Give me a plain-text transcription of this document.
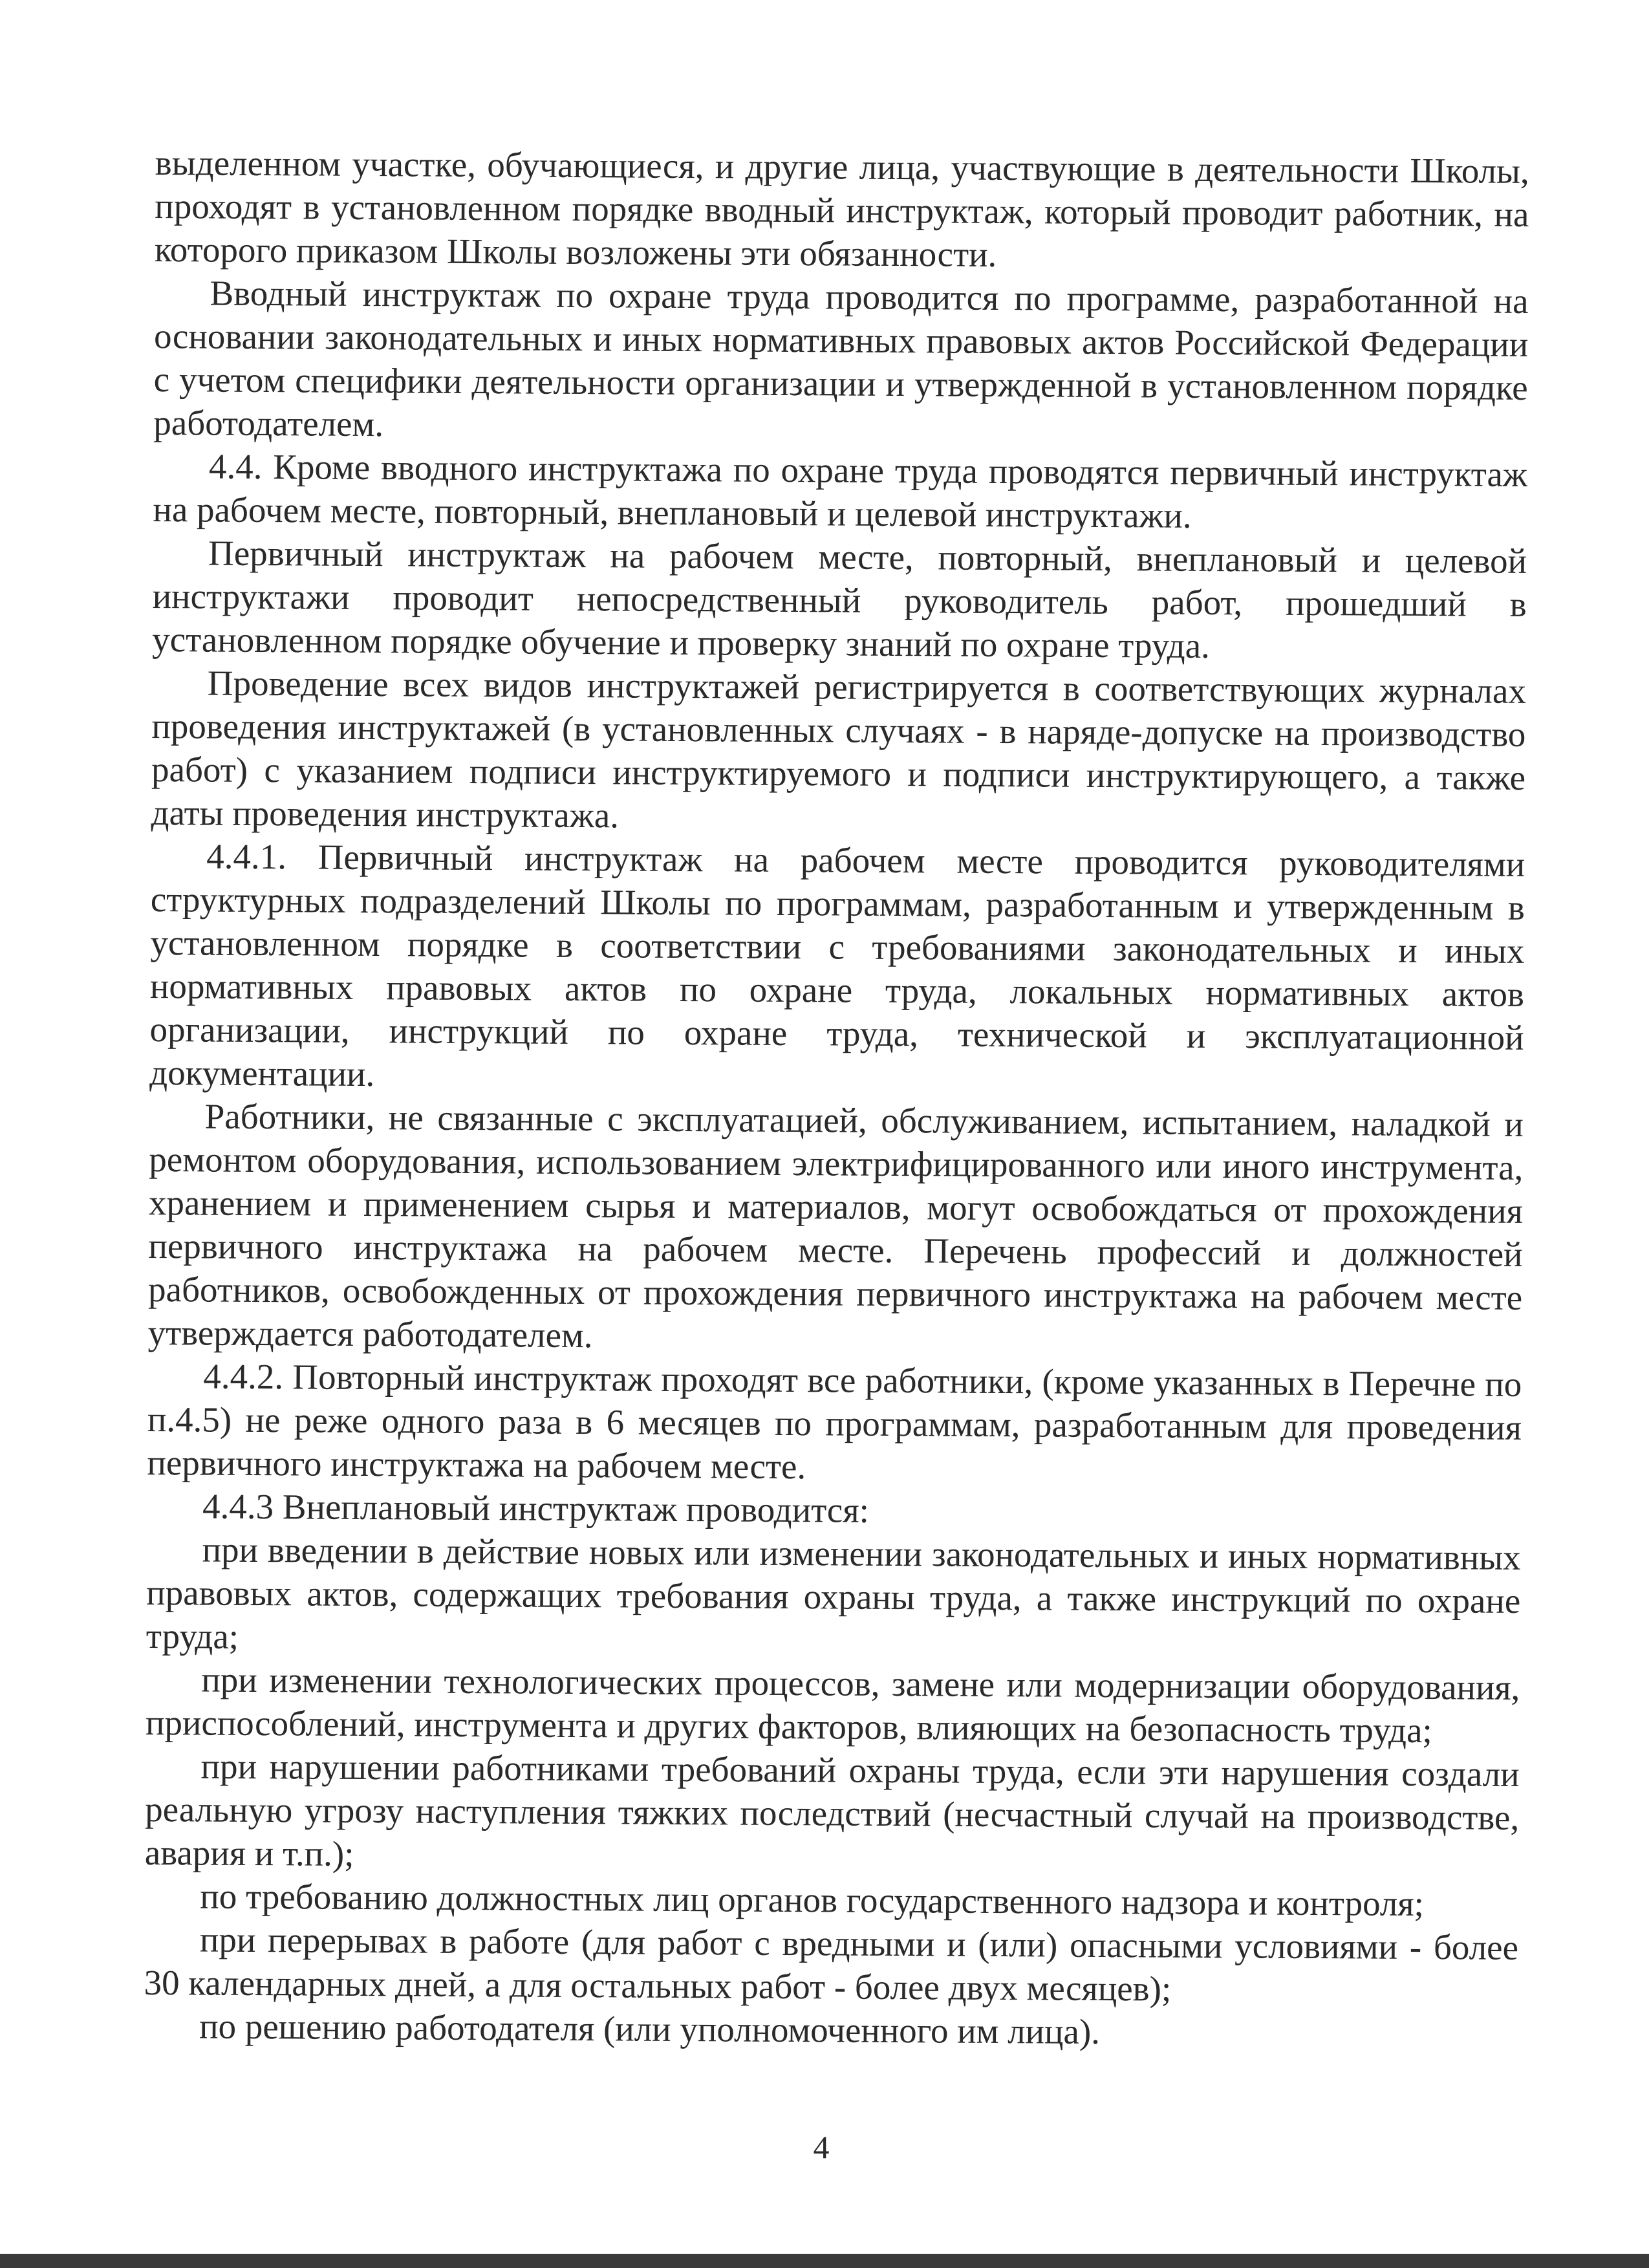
выделенном участке, обучающиеся, и другие лица, участвующие в деятельности Школы, проходят в установленном порядке вводный инструктаж, который проводит работник, на которого приказом Школы возложены эти обязанности.

Вводный инструктаж по охране труда проводится по программе, разработанной на основании законодательных и иных нормативных правовых актов Российской Федерации с учетом специфики деятельности организации и утвержденной в установленном порядке работодателем.

4.4. Кроме вводного инструктажа по охране труда проводятся первичный инструктаж на рабочем месте, повторный, внеплановый и целевой инструктажи.

Первичный инструктаж на рабочем месте, повторный, внеплановый и целевой инструктажи проводит непосредственный руководитель работ, прошедший в установленном порядке обучение и проверку знаний по охране труда.

Проведение всех видов инструктажей регистрируется в соответствующих журналах проведения инструктажей (в установленных случаях - в наряде-допуске на производство работ) с указанием подписи инструктируемого и подписи инструктирующего, а также даты проведения инструктажа.

4.4.1. Первичный инструктаж на рабочем месте проводится руководителями структурных подразделений Школы по программам, разработанным и утвержденным в установленном порядке в соответствии с требованиями законодательных и иных нормативных правовых актов по охране труда, локальных нормативных актов организации, инструкций по охране труда, технической и эксплуатационной документации.

Работники, не связанные с эксплуатацией, обслуживанием, испытанием, наладкой и ремонтом оборудования, использованием электрифицированного или иного инструмента, хранением и применением сырья и материалов, могут освобождаться от прохождения первичного инструктажа на рабочем месте. Перечень профессий и должностей работников, освобожденных от прохождения первичного инструктажа на рабочем месте утверждается работодателем.

4.4.2. Повторный инструктаж проходят все работники, (кроме указанных в Перечне по п.4.5) не реже одного раза в 6 месяцев по программам, разработанным для проведения первичного инструктажа на рабочем месте.

4.4.3 Внеплановый инструктаж проводится:

при введении в действие новых или изменении законодательных и иных нормативных правовых актов, содержащих требования охраны труда, а также инструкций по охране труда;

при изменении технологических процессов, замене или модернизации оборудования, приспособлений, инструмента и других факторов, влияющих на безопасность труда;

при нарушении работниками требований охраны труда, если эти нарушения создали реальную угрозу наступления тяжких последствий (несчастный случай на производстве, авария и т.п.);

по требованию должностных лиц органов государственного надзора и контроля;

при перерывах в работе (для работ с вредными и (или) опасными условиями - более 30 календарных дней, а для остальных работ - более двух месяцев);

по решению работодателя (или уполномоченного им лица).

4
